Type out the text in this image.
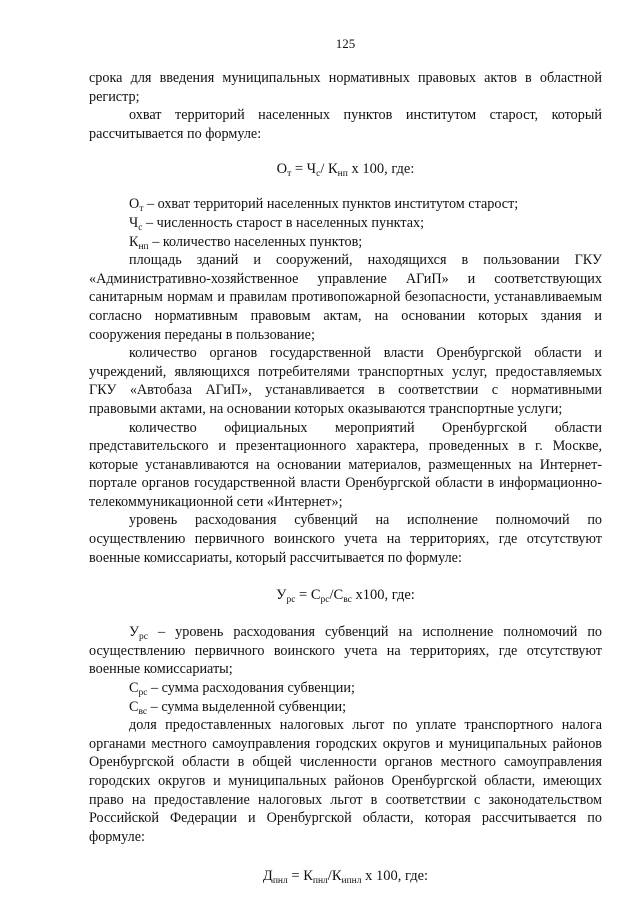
125

срока для введения муниципальных нормативных правовых актов в областной регистр;

охват территорий населенных пунктов институтом старост, который рассчитывается по формуле:

$О_т = Ч_с/$ $К_{нп}$ х 100, где:

$О_т$ – охват территорий населенных пунктов институтом старост;

$Ч_с$ – численность старост в населенных пунктах;

$К_{нп}$ – количество населенных пунктов;

площадь зданий и сооружений, находящихся в пользовании ГКУ «Административно-хозяйственное управление АГиП» и соответствующих санитарным нормам и правилам противопожарной безопасности, устанавливаемым согласно нормативным правовым актам, на основании которых здания и сооружения переданы в пользование;

количество органов государственной власти Оренбургской области и учреждений, являющихся потребителями транспортных услуг, предоставляемых ГКУ «Автобаза АГиП», устанавливается в соответствии с нормативными правовыми актами, на основании которых оказываются транспортные услуги;

количество официальных мероприятий Оренбургской области представительского и презентационного характера, проведенных в г. Москве, которые устанавливаются на основании материалов, размещенных на Интернет-портале органов государственной власти Оренбургской области в информационно-телекоммуникационной сети «Интернет»;

уровень расходования субвенций на исполнение полномочий по осуществлению первичного воинского учета на территориях, где отсутствуют военные комиссариаты, который рассчитывается по формуле:

$У_{рс} = С_{рс}/С_{вс}$ х100, где:

$У_{рс}$ – уровень расходования субвенций на исполнение полномочий по осуществлению первичного воинского учета на территориях, где отсутствуют военные комиссариаты;

$С_{рс}$ – сумма расходования субвенции;

$С_{вс}$ – сумма выделенной субвенции;

доля предоставленных налоговых льгот по уплате транспортного налога органами местного самоуправления городских округов и муниципальных районов Оренбургской области в общей численности органов местного самоуправления городских округов и муниципальных районов Оренбургской области, имеющих право на предоставление налоговых льгот в соответствии с законодательством Российской Федерации и Оренбургской области, которая рассчитывается по формуле:

$Д_{пнл} = К_{пнл}/К_{ипнл}$ х 100, где:
